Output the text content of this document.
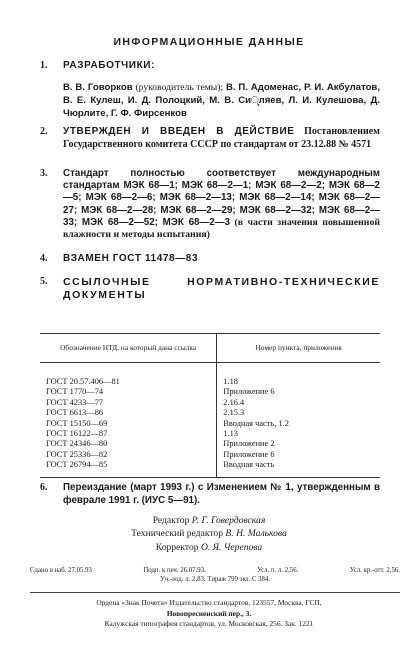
ИНФОРМАЦИОННЫЕ ДАННЫЕ
1. РАЗРАБОТЧИКИ:
В. В. Говорков (руководитель темы); В. П. Адоменас, Р. И. Акбулатов, В. Е. Кулеш, И. Д. Полоцкий, М. В. Си્ляев, Л. И. Кулешова, Д. Чюрлите, Г. Ф. Фирсенков
2. УТВЕРЖДЕН И ВВЕДЕН В ДЕЙСТВИЕ Постановлением Государственного комитета СССР по стандартам от 23.12.88 № 4571
3. Стандарт полностью соответствует международным стандартам МЭК 68—1; МЭК 68—2—1; МЭК 68—2—2; МЭК 68—2—5; МЭК 68—2—6; МЭК 68—2—13; МЭК 68—2—14; МЭК 68—2—27; МЭК 68—2—28; МЭК 68—2—29; МЭК 68—2—32; МЭК 68—2—33; МЭК 68—2—52; МЭК 68—2—3 (в части значения повышенной влажности и методы испытания)
4. ВЗАМЕН ГОСТ 11478—83
5. ССЫЛОЧНЫЕ НОРМАТИВНО-ТЕХНИЧЕСКИЕ ДОКУМЕНТЫ
Обозначение НТД, на который дана ссылка	Номер пункта, приложения
ГОСТ 20.57.406—81	1.18
ГОСТ 1770—74	Приложение 6
ГОСТ 4233—77	2.16.4
ГОСТ 6613—86	2.15.3
ГОСТ 15150—69	Вводная часть, 1.2
ГОСТ 16122—87	1.13
ГОСТ 24346—80	Приложение 2
ГОСТ 25336—82	Приложение 6
ГОСТ 26794—85	Вводная часть
6. Переиздание (март 1993 г.) с Изменением № 1, утвержденным в феврале 1991 г. (ИУС 5—91).
Редактор Р. Г. Говердовская
Технический редактор В. Н. Малькова
Корректор О. Я. Черепова
Сдано в наб. 27.05.93	Подп. к печ. 26.07.93.	Усл. п. л. 2,56.	Усл. кр.-отт. 2,56.
Уч.-изд. л. 2,83. Тираж 799 экз. С 384.
Ордена «Знак Почета» Издательство стандартов, 123557, Москва, ГСП,
Новопресненский пер., 3.
Калужская типография стандартов, ул. Московская, 256. Зак. 1221
